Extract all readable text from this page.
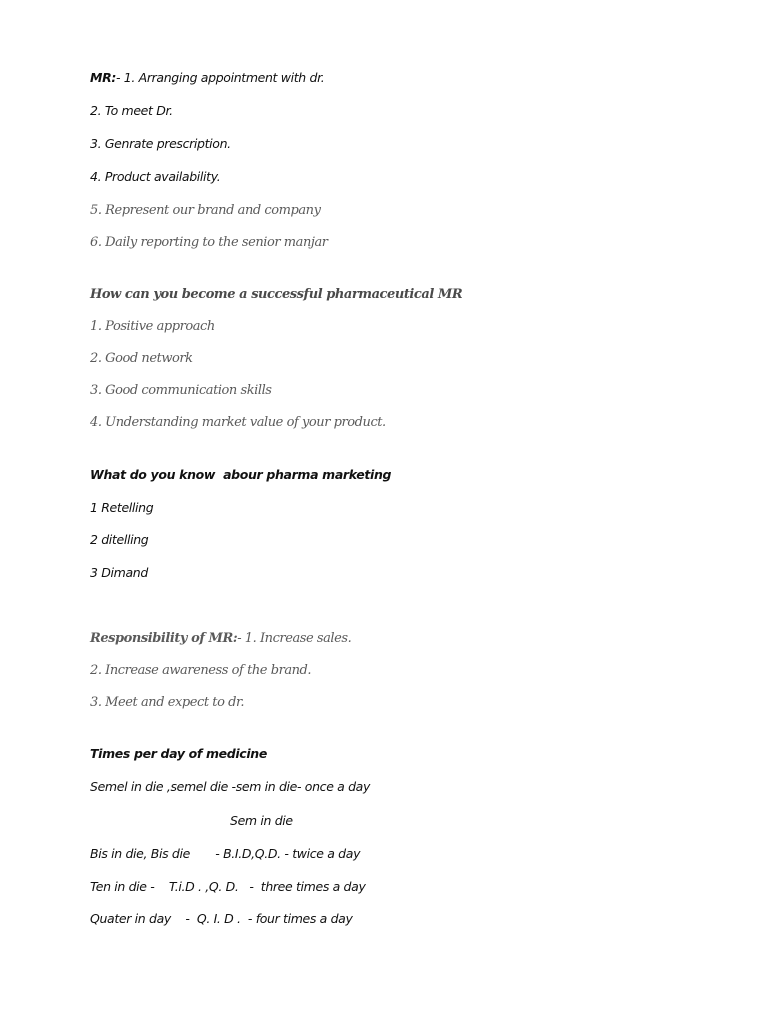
MR:- 1. Arranging appointment with dr.
2. To meet Dr.
3. Genrate prescription.
4. Product availability.
5. Represent our brand and company
6. Daily reporting to the senior manjar
How can you become a successful pharmaceutical MR
1. Positive approach
2. Good network
3. Good communication skills
4. Understanding market value of your product.
What do you know  abour pharma marketing
1 Retelling
2 ditelling
3 Dimand
Responsibility of MR:- 1. Increase sales.
2. Increase awareness of the brand.
3. Meet and expect to dr.
Times per day of medicine
Semel in die ,semel die -sem in die- once a day
Sem in die
Bis in die, Bis die       - B.I.D,Q.D. - twice a day
Ten in die -    T.i.D . ,Q. D.   -  three times a day
Quater in day    -  Q. I. D .  - four times a day
